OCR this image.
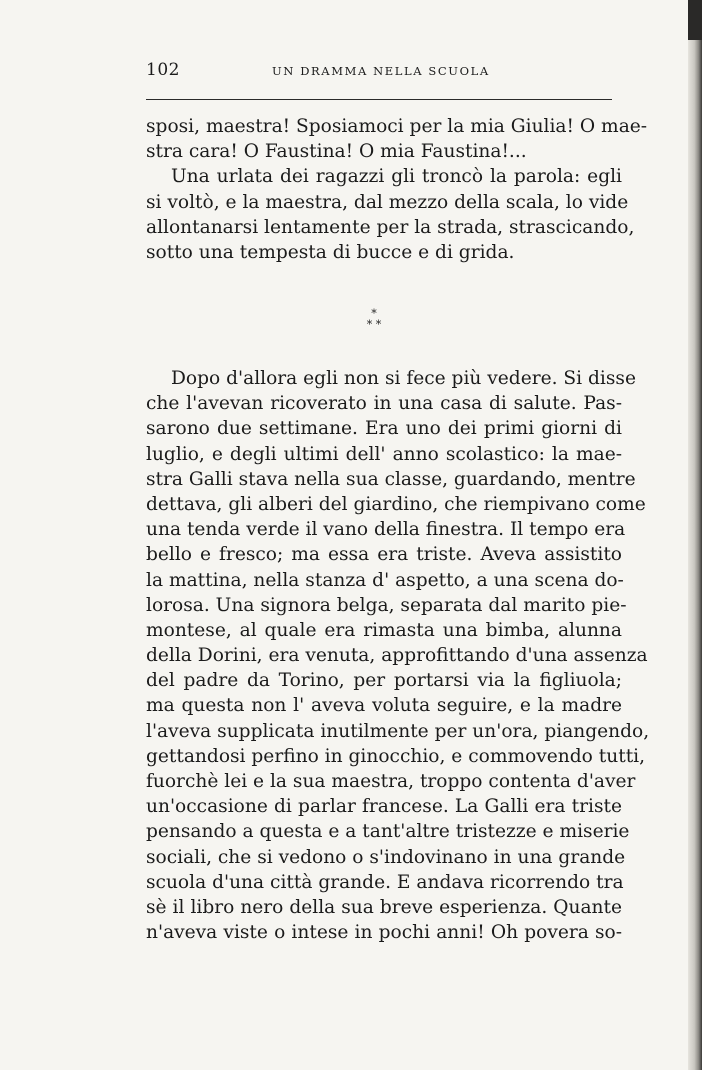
102	UN DRAMMA NELLA SCUOLA
sposi, maestra! Sposiamoci per la mia Giulia! O mae-
stra cara! O Faustina! O mia Faustina!...
Una urlata dei ragazzi gli troncò la parola: egli
si voltò, e la maestra, dal mezzo della scala, lo vide
allontanarsi lentamente per la strada, strascicando,
sotto una tempesta di bucce e di grida.
*
* *
Dopo d'allora egli non si fece più vedere. Si disse
che l'avevan ricoverato in una casa di salute. Pas-
sarono due settimane. Era uno dei primi giorni di
luglio, e degli ultimi dell' anno scolastico: la mae-
stra Galli stava nella sua classe, guardando, mentre
dettava, gli alberi del giardino, che riempivano come
una tenda verde il vano della finestra. Il tempo era
bello e fresco; ma essa era triste. Aveva assistito
la mattina, nella stanza d' aspetto, a una scena do-
lorosa. Una signora belga, separata dal marito pie-
montese, al quale era rimasta una bimba, alunna
della Dorini, era venuta, approfittando d'una assenza
del padre da Torino, per portarsi via la figliuola;
ma questa non l' aveva voluta seguire, e la madre
l'aveva supplicata inutilmente per un'ora, piangendo,
gettandosi perfino in ginocchio, e commovendo tutti,
fuorchè lei e la sua maestra, troppo contenta d'aver
un'occasione di parlar francese. La Galli era triste
pensando a questa e a tant'altre tristezze e miserie
sociali, che si vedono o s'indovinano in una grande
scuola d'una città grande. E andava ricorrendo tra
sè il libro nero della sua breve esperienza. Quante
n'aveva viste o intese in pochi anni! Oh povera so-
